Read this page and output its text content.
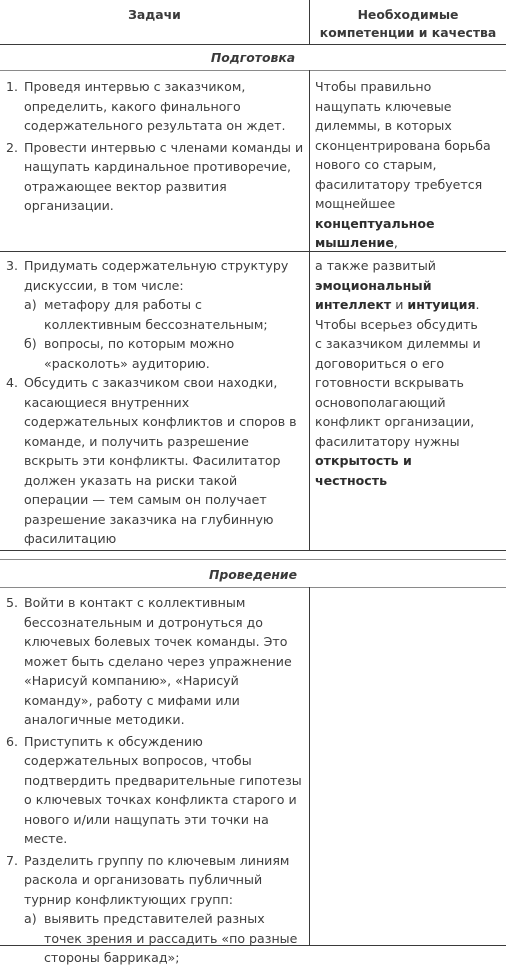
Задачи	Необходимые компетенции и качества
Подготовка

1. Проведя интервью с заказчиком, определить, какого финального содержательного результата он ждет.

2. Провести интервью с членами команды и нащупать кардинальное противоречие, отражающее вектор развития организации.

Чтобы правильно нащупать ключевые дилеммы, в которых сконцентрирована борьба нового со старым, фасилитатору требуется мощнейшее концептуальное мышление,

3. Придумать содержательную структуру дискуссии, в том числе:

а) метафору для работы с коллективным бессознательным;

б) вопросы, по которым можно «расколоть» аудиторию.

4. Обсудить с заказчиком свои находки, касающиеся внутренних содержательных конфликтов и споров в команде, и получить разрешение вскрыть эти конфликты. Фасилитатор должен указать на риски такой операции — тем самым он получает разрешение заказчика на глубинную фасилитацию

а также развитый эмоциональный интеллект и интуиция.

Чтобы всерьез обсудить с заказчиком дилеммы и договориться о его готовности вскрывать основополагающий конфликт организации, фасилитатору нужны открытость и честность

Проведение

5. Войти в контакт с коллективным бессознательным и дотронуться до ключевых болевых точек команды. Это может быть сделано через упражнение «Нарисуй компанию», «Нарисуй команду», работу с мифами или аналогичные методики.

6. Приступить к обсуждению содержательных вопросов, чтобы подтвердить предварительные гипотезы о ключевых точках конфликта старого и нового и/или нащупать эти точки на месте.

7. Разделить группу по ключевым линиям раскола и организовать публичный турнир конфликтующих групп:

а) выявить представителей разных точек зрения и рассадить «по разные стороны баррикад»;
